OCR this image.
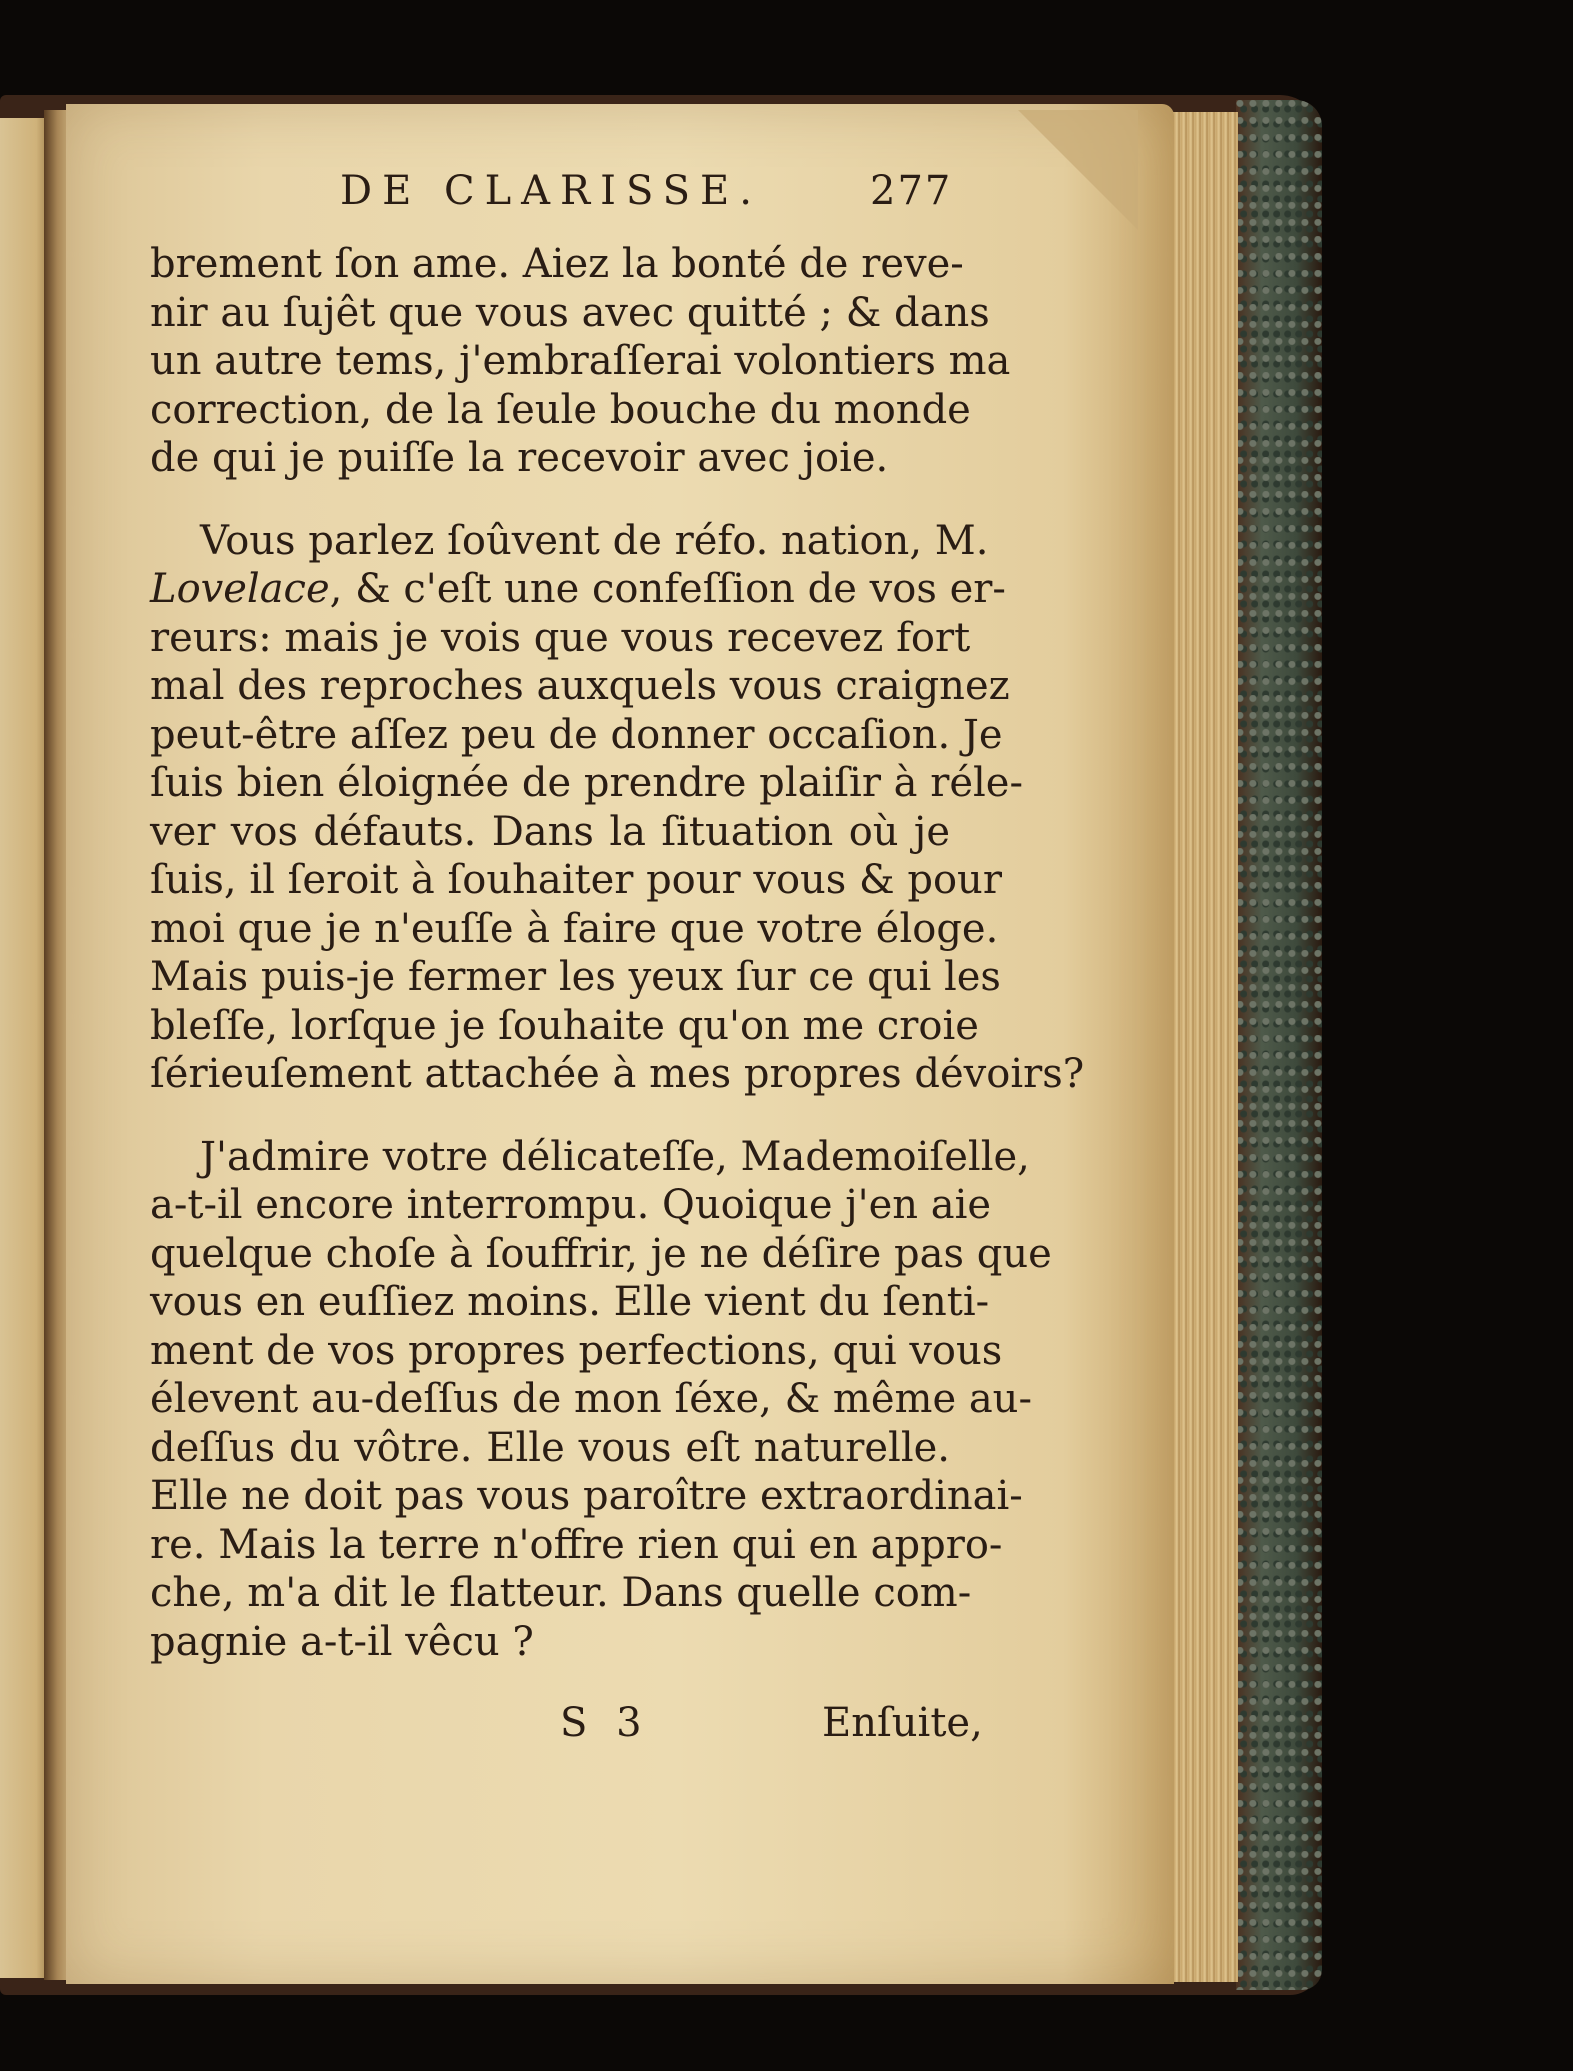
DE CLARISSE.	277
brement ſon ame. Aiez la bonté de reve-
nir au ſujêt que vous avec quitté ; & dans
un autre tems, j'embraſſerai volontiers ma
correction, de la ſeule bouche du monde
de qui je puiſſe la recevoir avec joie.
Vous parlez ſoûvent de réfo. nation, M.
Lovelace, & c'eſt une confeſſion de vos er-
reurs: mais je vois que vous recevez fort
mal des reproches auxquels vous craignez
peut-être aſſez peu de donner occaſion. Je
ſuis bien éloignée de prendre plaiſir à réle-
ver vos défauts. Dans la ſituation où je
ſuis, il ſeroit à ſouhaiter pour vous & pour
moi que je n'euſſe à faire que votre éloge.
Mais puis-je fermer les yeux ſur ce qui les
bleſſe, lorſque je ſouhaite qu'on me croie
ſérieuſement attachée à mes propres dévoirs?
J'admire votre délicateſſe, Mademoiſelle,
a-t-il encore interrompu. Quoique j'en aie
quelque choſe à ſouffrir, je ne déſire pas que
vous en euſſiez moins. Elle vient du ſenti-
ment de vos propres perfections, qui vous
élevent au-deſſus de mon ſéxe, & même au-
deſſus du vôtre. Elle vous eſt naturelle.
Elle ne doit pas vous paroître extraordinai-
re. Mais la terre n'offre rien qui en appro-
che, m'a dit le flatteur. Dans quelle com-
pagnie a-t-il vêcu ?
S 3	Enſuite,
